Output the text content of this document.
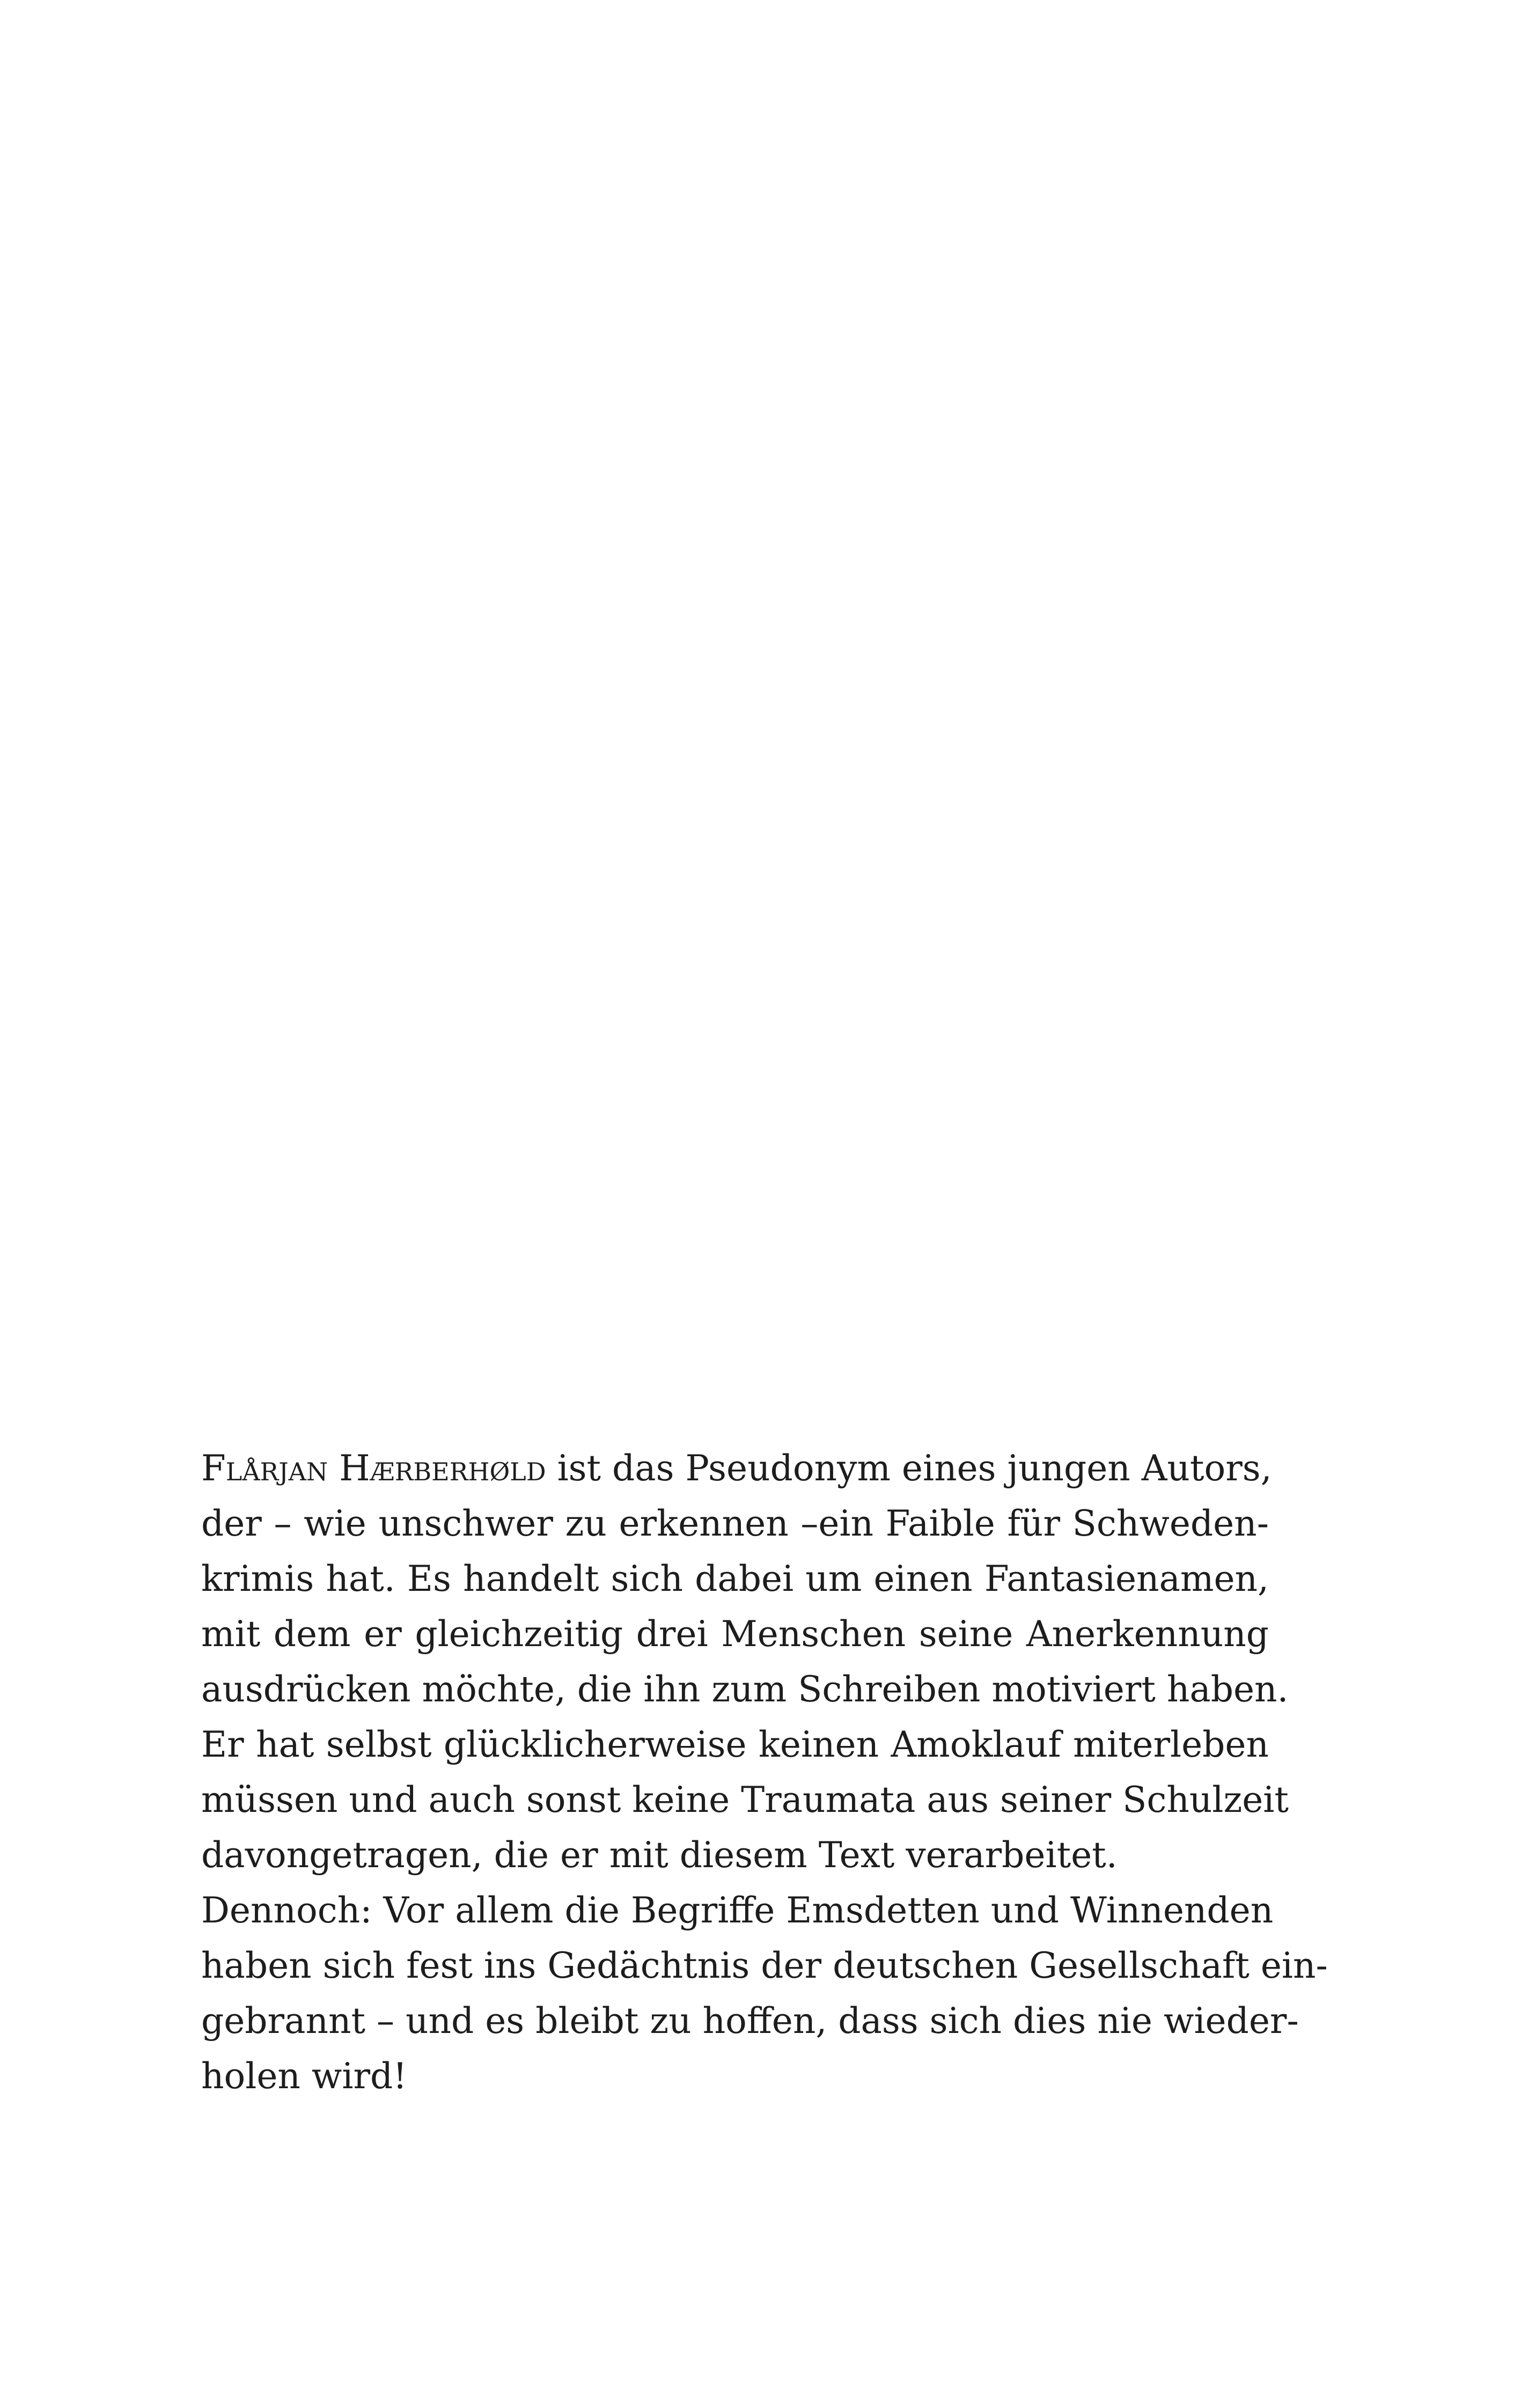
Flårjan Hærberhøld ist das Pseudonym eines jungen Autors,
der – wie unschwer zu erkennen –ein Faible für Schweden-
krimis hat. Es handelt sich dabei um einen Fantasienamen,
mit dem er gleichzeitig drei Menschen seine Anerkennung
ausdrücken möchte, die ihn zum Schreiben motiviert haben.
Er hat selbst glücklicherweise keinen Amoklauf miterleben
müssen und auch sonst keine Traumata aus seiner Schulzeit
davongetragen, die er mit diesem Text verarbeitet.
Dennoch: Vor allem die Begriffe Emsdetten und Winnenden
haben sich fest ins Gedächtnis der deutschen Gesellschaft ein-
gebrannt – und es bleibt zu hoffen, dass sich dies nie wieder-
holen wird!
